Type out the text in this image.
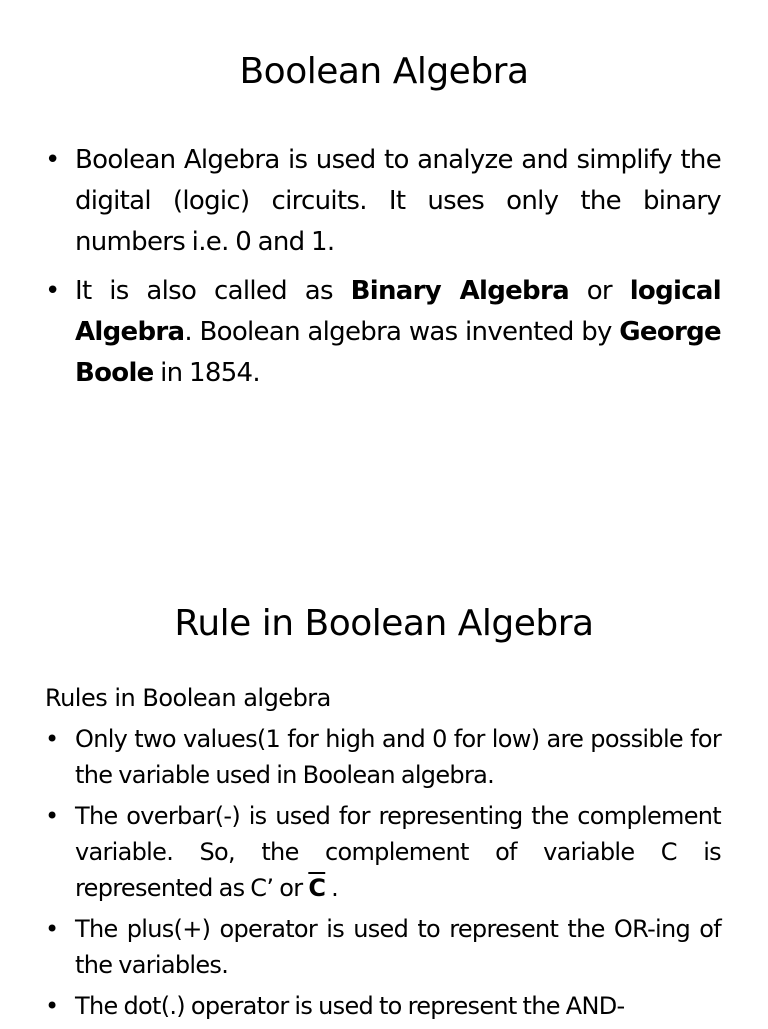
Boolean Algebra
• Boolean Algebra is used to analyze and simplify the digital (logic) circuits. It uses only the binary numbers i.e. 0 and 1.
• It is also called as Binary Algebra or logical Algebra. Boolean algebra was invented by George Boole in 1854.
Rule in Boolean Algebra
Rules in Boolean algebra
• Only two values(1 for high and 0 for low) are possible for the variable used in Boolean algebra.
• The overbar(-) is used for representing the complement variable. So, the complement of variable C is represented as C’ or $\overline{C}$ .
• The plus(+) operator is used to represent the OR-ing of the variables.
• The dot(.) operator is used to represent the AND-
